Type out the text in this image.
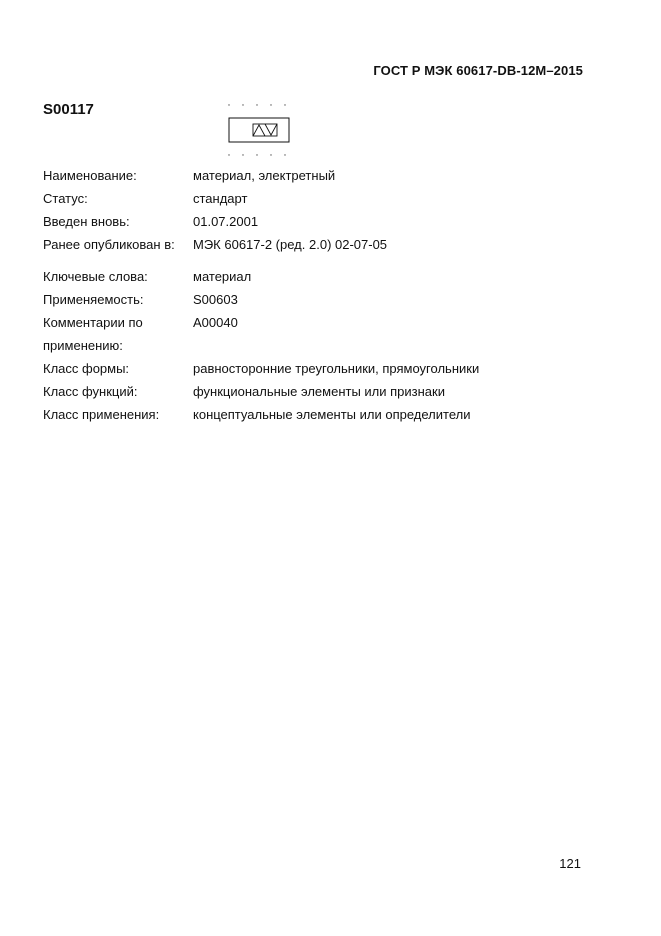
ГОСТ Р МЭК 60617-DB-12M–2015
S00117
Наименование:	материал, электретный
Статус:	стандарт
Введен вновь:	01.07.2001
Ранее опубликован в:	МЭК 60617-2 (ред. 2.0) 02-07-05
Ключевые слова:	материал
Применяемость:	S00603
Комментарии по	A00040
применению:
Класс формы:	равносторонние треугольники, прямоугольники
Класс функций:	функциональные элементы или признаки
Класс применения:	концептуальные элементы или определители
121
